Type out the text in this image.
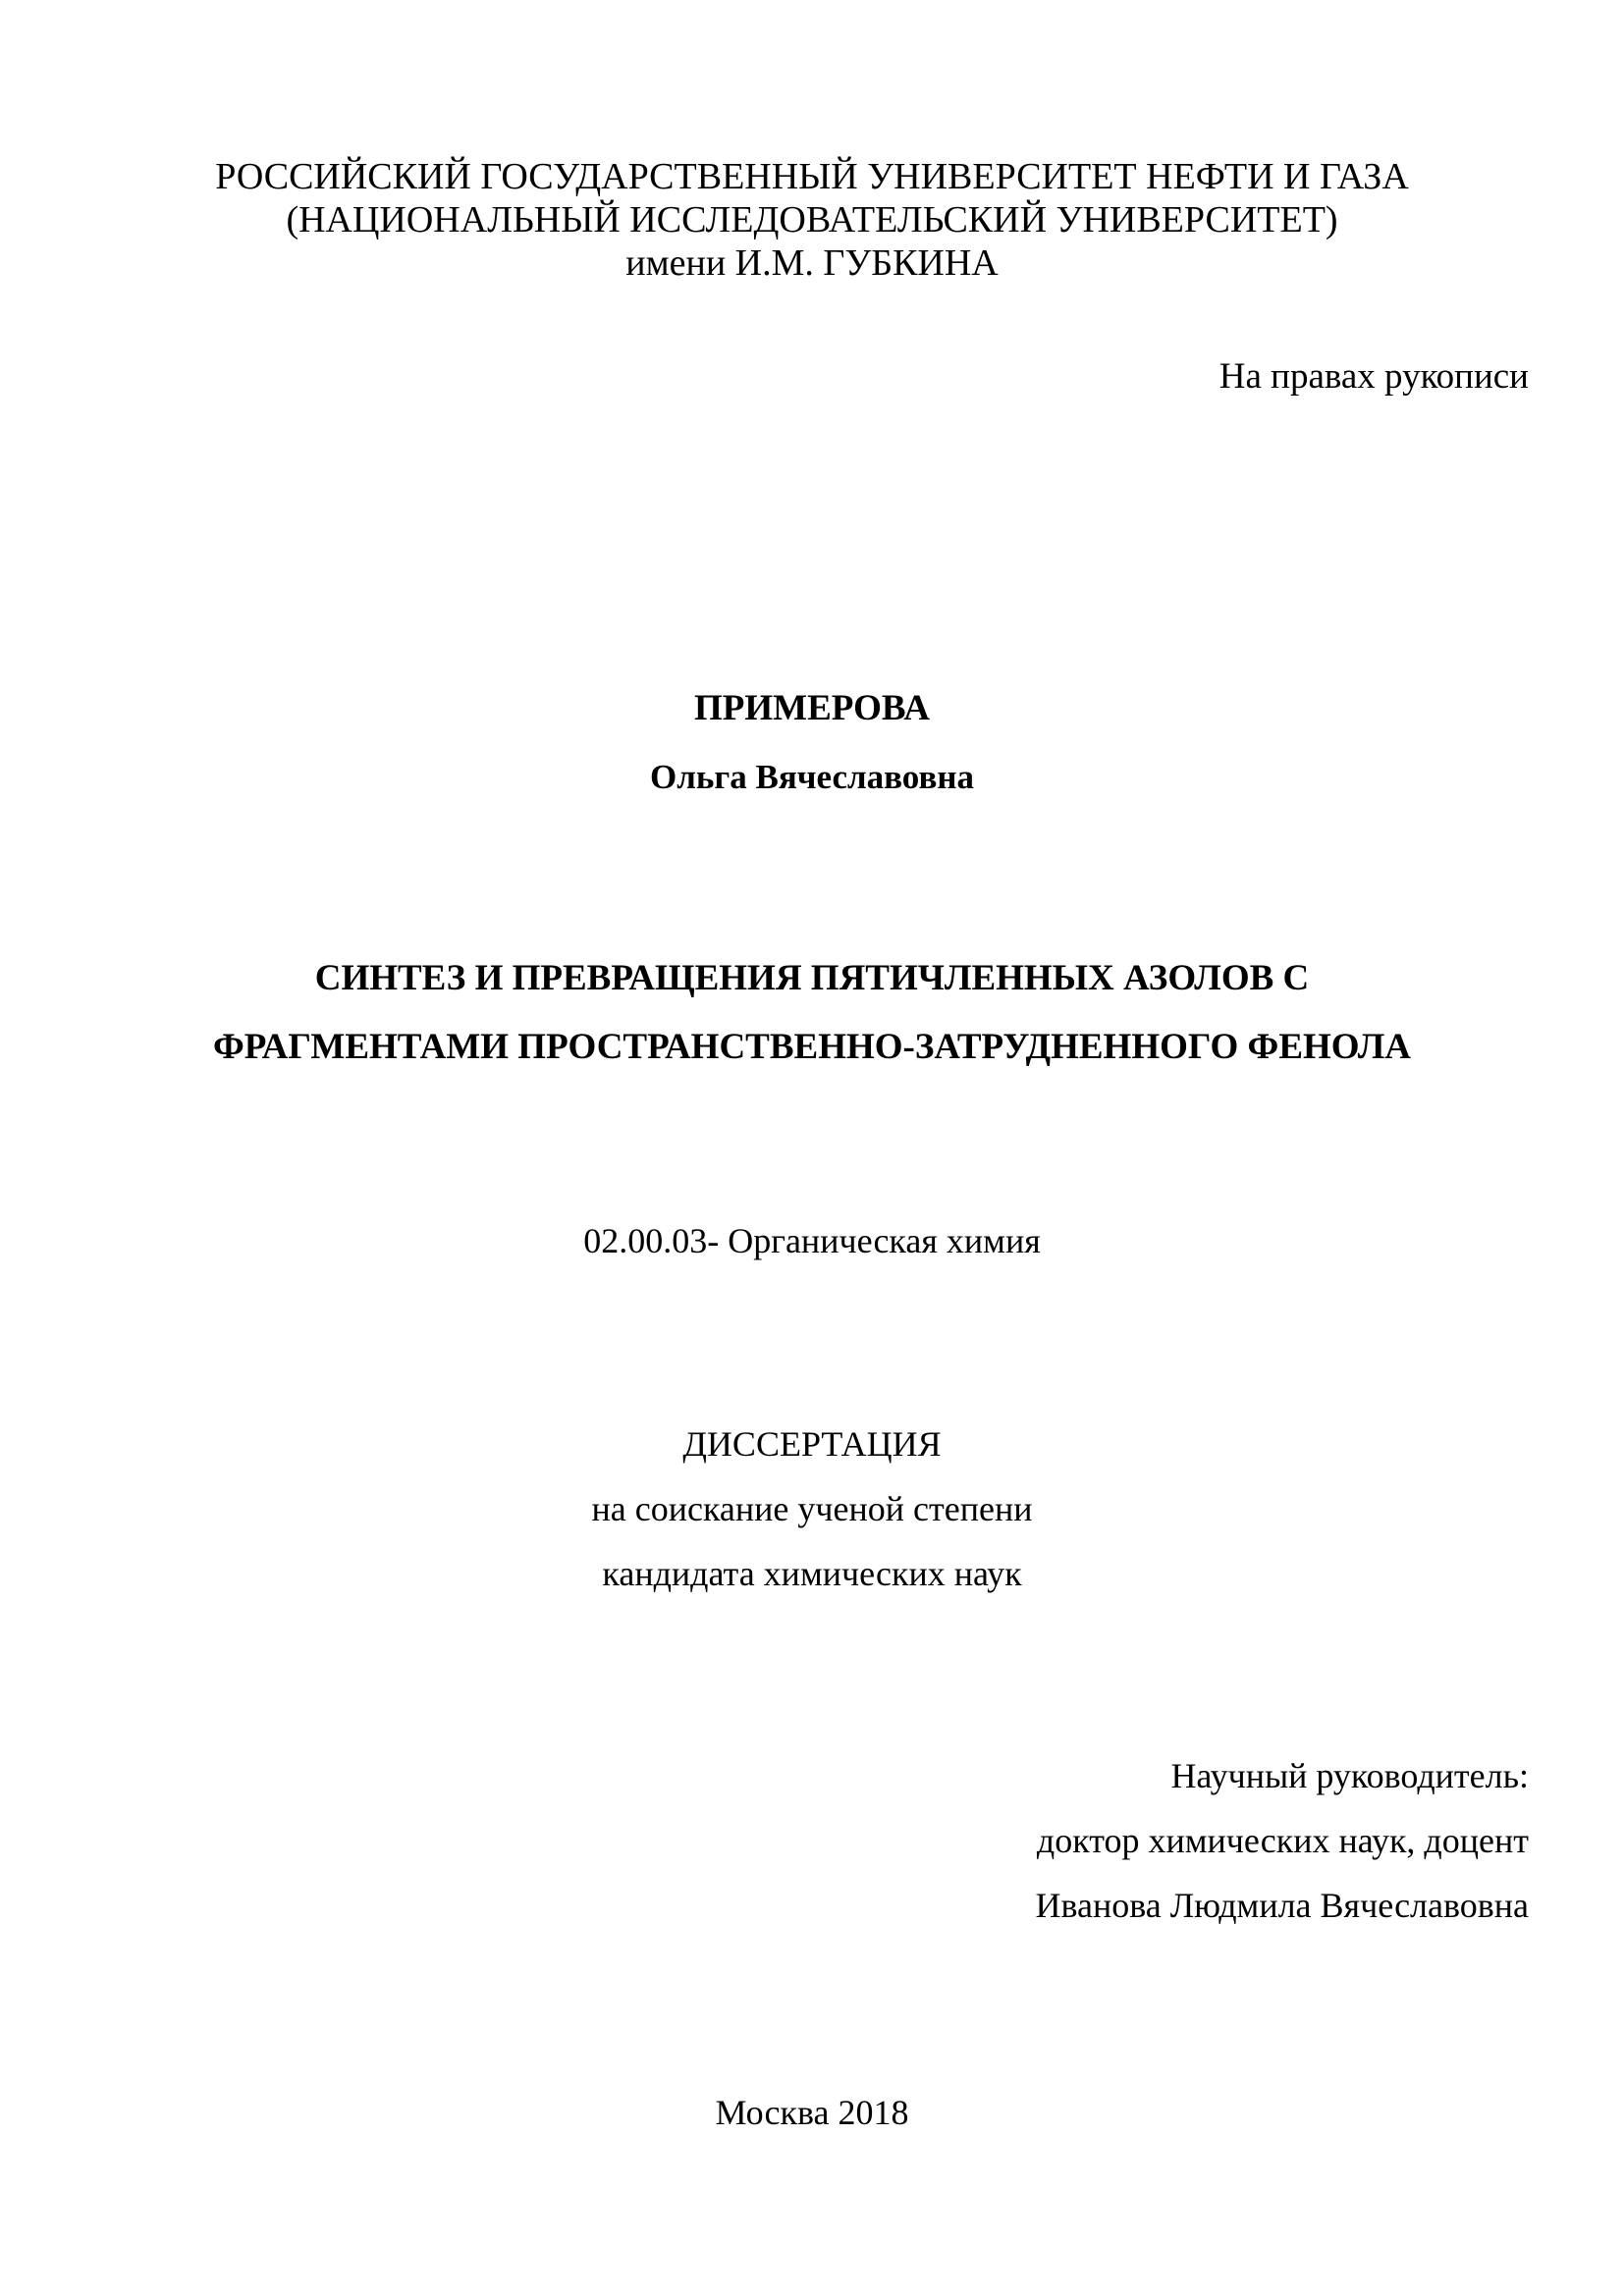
РОССИЙСКИЙ ГОСУДАРСТВЕННЫЙ УНИВЕРСИТЕТ НЕФТИ И ГАЗА
(НАЦИОНАЛЬНЫЙ ИССЛЕДОВАТЕЛЬСКИЙ УНИВЕРСИТЕТ)
имени И.М. ГУБКИНА
На правах рукописи
ПРИМЕРОВА
Ольга Вячеславовна
СИНТЕЗ И ПРЕВРАЩЕНИЯ ПЯТИЧЛЕННЫХ АЗОЛОВ С
ФРАГМЕНТАМИ ПРОСТРАНСТВЕННО-ЗАТРУДНЕННОГО ФЕНОЛА
02.00.03- Органическая химия
ДИССЕРТАЦИЯ
на соискание ученой степени
кандидата химических наук
Научный руководитель:
доктор химических наук, доцент
Иванова Людмила Вячеславовна
Москва 2018
